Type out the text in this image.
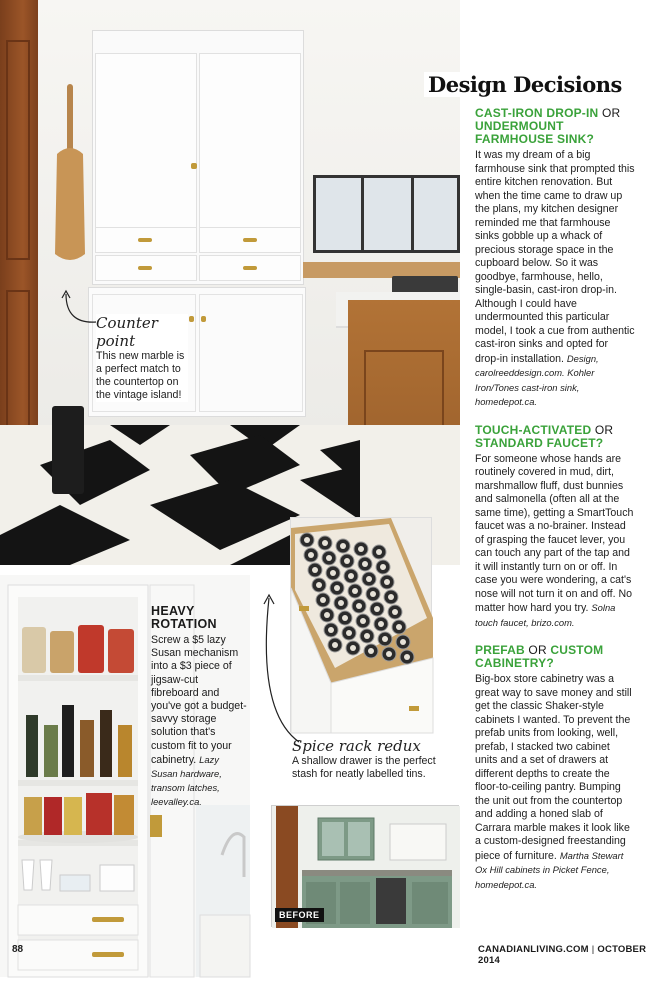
Counter point
This new marble is a perfect match to the countertop on the vintage island!
Design Decisions
CAST-IRON DROP-IN OR UNDERMOUNT FARMHOUSE SINK?
It was my dream of a big farmhouse sink that prompted this entire kitchen renovation. But when the time came to draw up the plans, my kitchen designer reminded me that farmhouse sinks gobble up a whack of precious storage space in the cupboard below. So it was goodbye, farmhouse, hello, single-basin, cast-iron drop-in. Although I could have undermounted this particular model, I took a cue from authentic cast-iron sinks and opted for drop-in installation. Design, carolreeddesign.com. Kohler Iron/Tones cast-iron sink, homedepot.ca.
TOUCH-ACTIVATED OR STANDARD FAUCET?
For someone whose hands are routinely covered in mud, dirt, marshmallow fluff, dust bunnies and salmonella (often all at the same time), getting a SmartTouch faucet was a no-brainer. Instead of grasping the faucet lever, you can touch any part of the tap and it will instantly turn on or off. In case you were wondering, a cat's nose will not turn it on and off. No matter how hard you try. Solna touch faucet, brizo.com.
PREFAB OR CUSTOM CABINETRY?
Big-box store cabinetry was a great way to save money and still get the classic Shaker-style cabinets I wanted. To prevent the prefab units from looking, well, prefab, I stacked two cabinet units and a set of drawers at different depths to create the floor-to-ceiling pantry. Bumping the unit out from the countertop and adding a honed slab of Carrara marble makes it look like a custom-designed freestanding piece of furniture. Martha Stewart Ox Hill cabinets in Picket Fence, homedepot.ca.
HEAVY ROTATION
Screw a $5 lazy Susan mechanism into a $3 piece of jigsaw-cut fibreboard and you've got a budget-savvy storage solution that's custom fit to your cabinetry. Lazy Susan hardware, transom latches, leevalley.ca.
Spice rack redux
A shallow drawer is the perfect stash for neatly labelled tins.
BEFORE
88	CANADIANLIVING.COM | OCTOBER 2014
